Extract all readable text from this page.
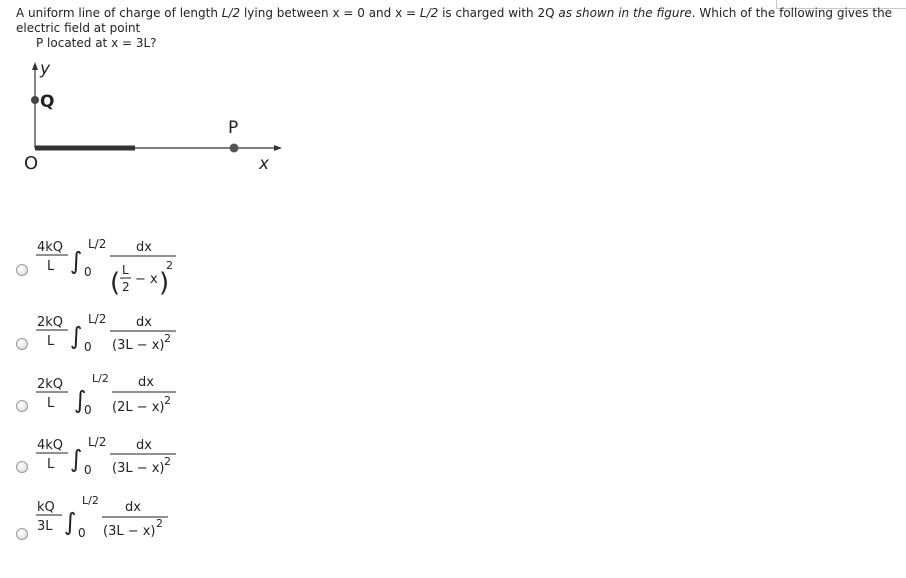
A uniform line of charge of length L/2 lying between x = 0 and x = L/2 is charged with 2Q as shown in the figure. Which of the following gives the electric field at point
P located at x = 3L?
y
Q
O
P
x
4kQ
L ∫
L/2
0
dx
( L
2 − x )
2
2kQ
L ∫
L/2
0
dx
(3L − x) 2
2kQ
L ∫
L/2
0
dx
(2L − x) 2
4kQ
L ∫
L/2
0
dx
(3L − x) 2
kQ
3L ∫
L/2
0
dx
(3L − x)
2
